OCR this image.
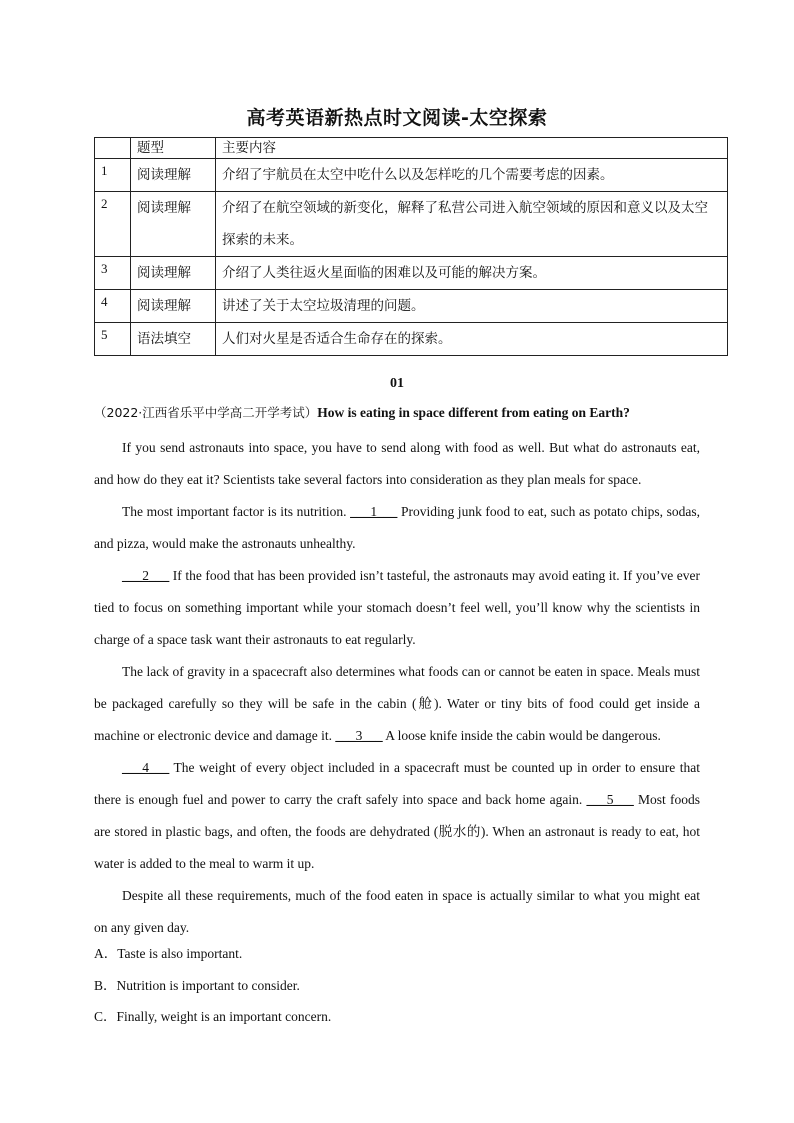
高考英语新热点时文阅读-太空探索
	题型	主要内容
1	阅读理解	介绍了宇航员在太空中吃什么以及怎样吃的几个需要考虑的因素。
2	阅读理解	介绍了在航空领域的新变化，解释了私营公司进入航空领域的原因和意义以及太空探索的未来。
3	阅读理解	介绍了人类往返火星面临的困难以及可能的解决方案。
4	阅读理解	讲述了关于太空垃圾清理的问题。
5	语法填空	人们对火星是否适合生命存在的探索。
01
（2022·江西省乐平中学高二开学考试）How is eating in space different from eating on Earth?

If you send astronauts into space, you have to send along with food as well. But what do astronauts eat, and how do they eat it? Scientists take several factors into consideration as they plan meals for space.

The most important factor is its nutrition. ___1___ Providing junk food to eat, such as potato chips, sodas, and pizza, would make the astronauts unhealthy.

___2___ If the food that has been provided isn’t tasteful, the astronauts may avoid eating it. If you’ve ever tied to focus on something important while your stomach doesn’t feel well, you’ll know why the scientists in charge of a space task want their astronauts to eat regularly.

The lack of gravity in a spacecraft also determines what foods can or cannot be eaten in space. Meals must be packaged carefully so they will be safe in the cabin (舱). Water or tiny bits of food could get inside a machine or electronic device and damage it. ___3___ A loose knife inside the cabin would be dangerous.

___4___ The weight of every object included in a spacecraft must be counted up in order to ensure that there is enough fuel and power to carry the craft safely into space and back home again. ___5___ Most foods are stored in plastic bags, and often, the foods are dehydrated (脱水的). When an astronaut is ready to eat, hot water is added to the meal to warm it up.

Despite all these requirements, much of the food eaten in space is actually similar to what you might eat on any given day.

A．Taste is also important.
B．Nutrition is important to consider.
C．Finally, weight is an important concern.
